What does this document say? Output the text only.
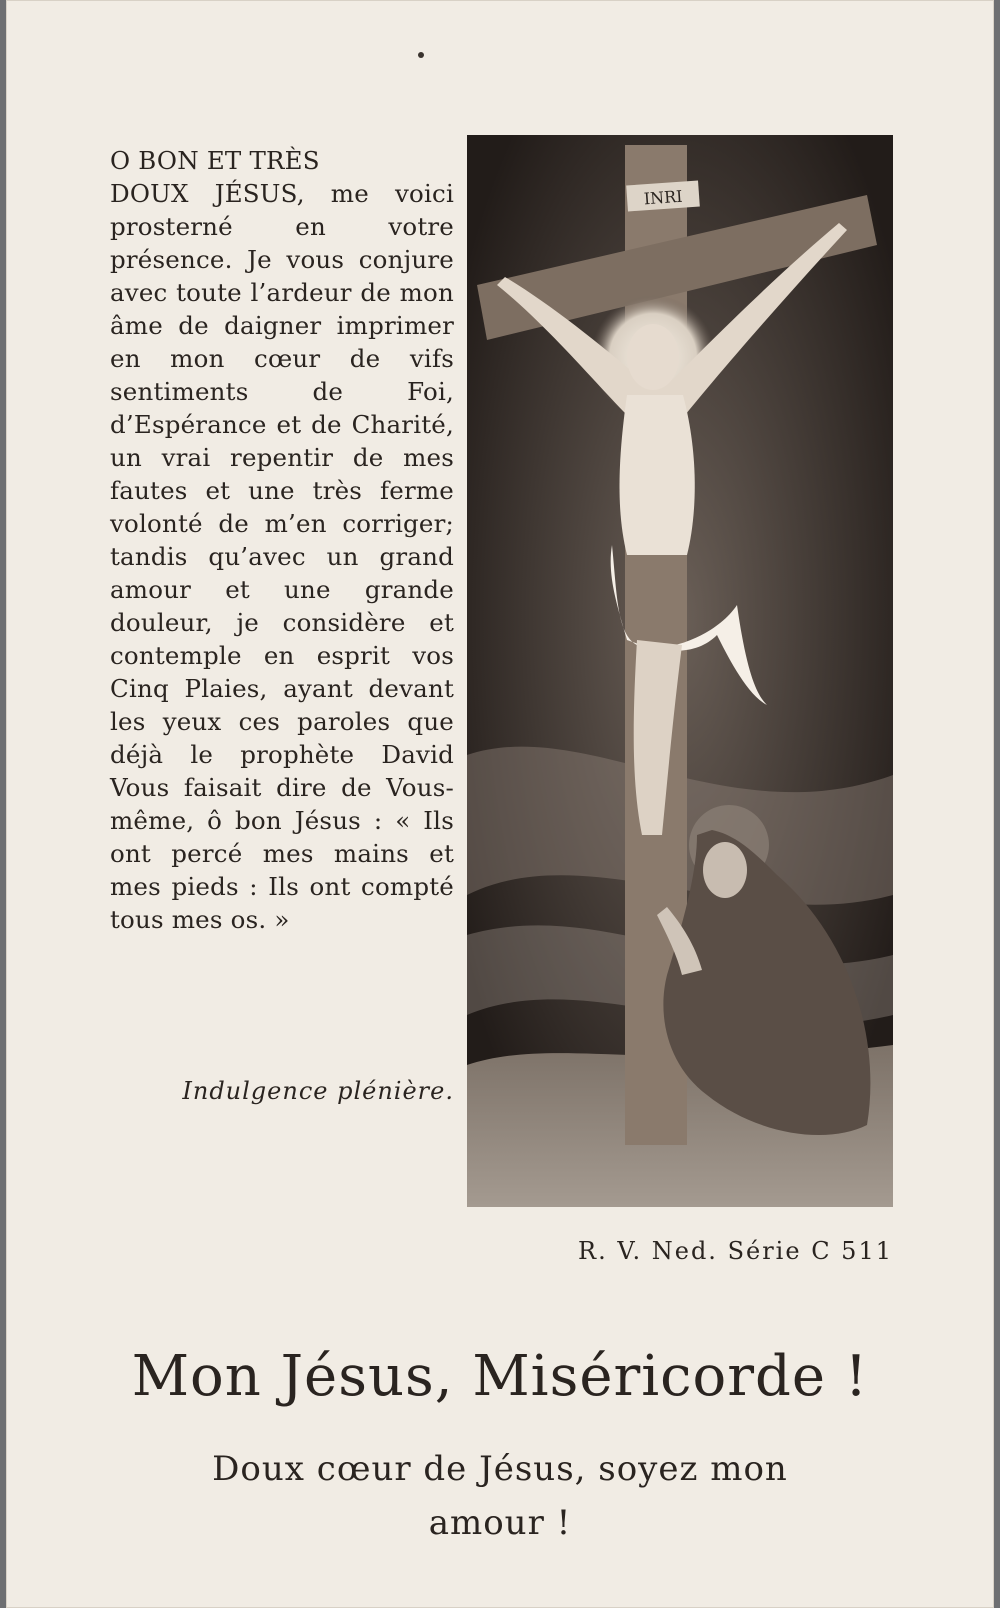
O BON ET TRÈS

DOUX JÉSUS, me voici prosterné en votre présence. Je vous conjure avec toute l’ardeur de mon âme de daigner imprimer en mon cœur de vifs sentiments de Foi, d’Espérance et de Charité, un vrai repentir de mes fautes et une très ferme volonté de m’en corriger; tandis qu’avec un grand amour et une grande douleur, je considère et contemple en esprit vos Cinq Plaies, ayant devant les yeux ces paroles que déjà le prophète David Vous faisait dire de Vous-même, ô bon Jésus : « Ils ont percé mes mains et mes pieds : Ils ont compté tous mes os. »

Indulgence plénière.
INRI
R. V. Ned. Série C 511
Mon Jésus, Miséricorde !
Doux cœur de Jésus, soyez mon amour !
